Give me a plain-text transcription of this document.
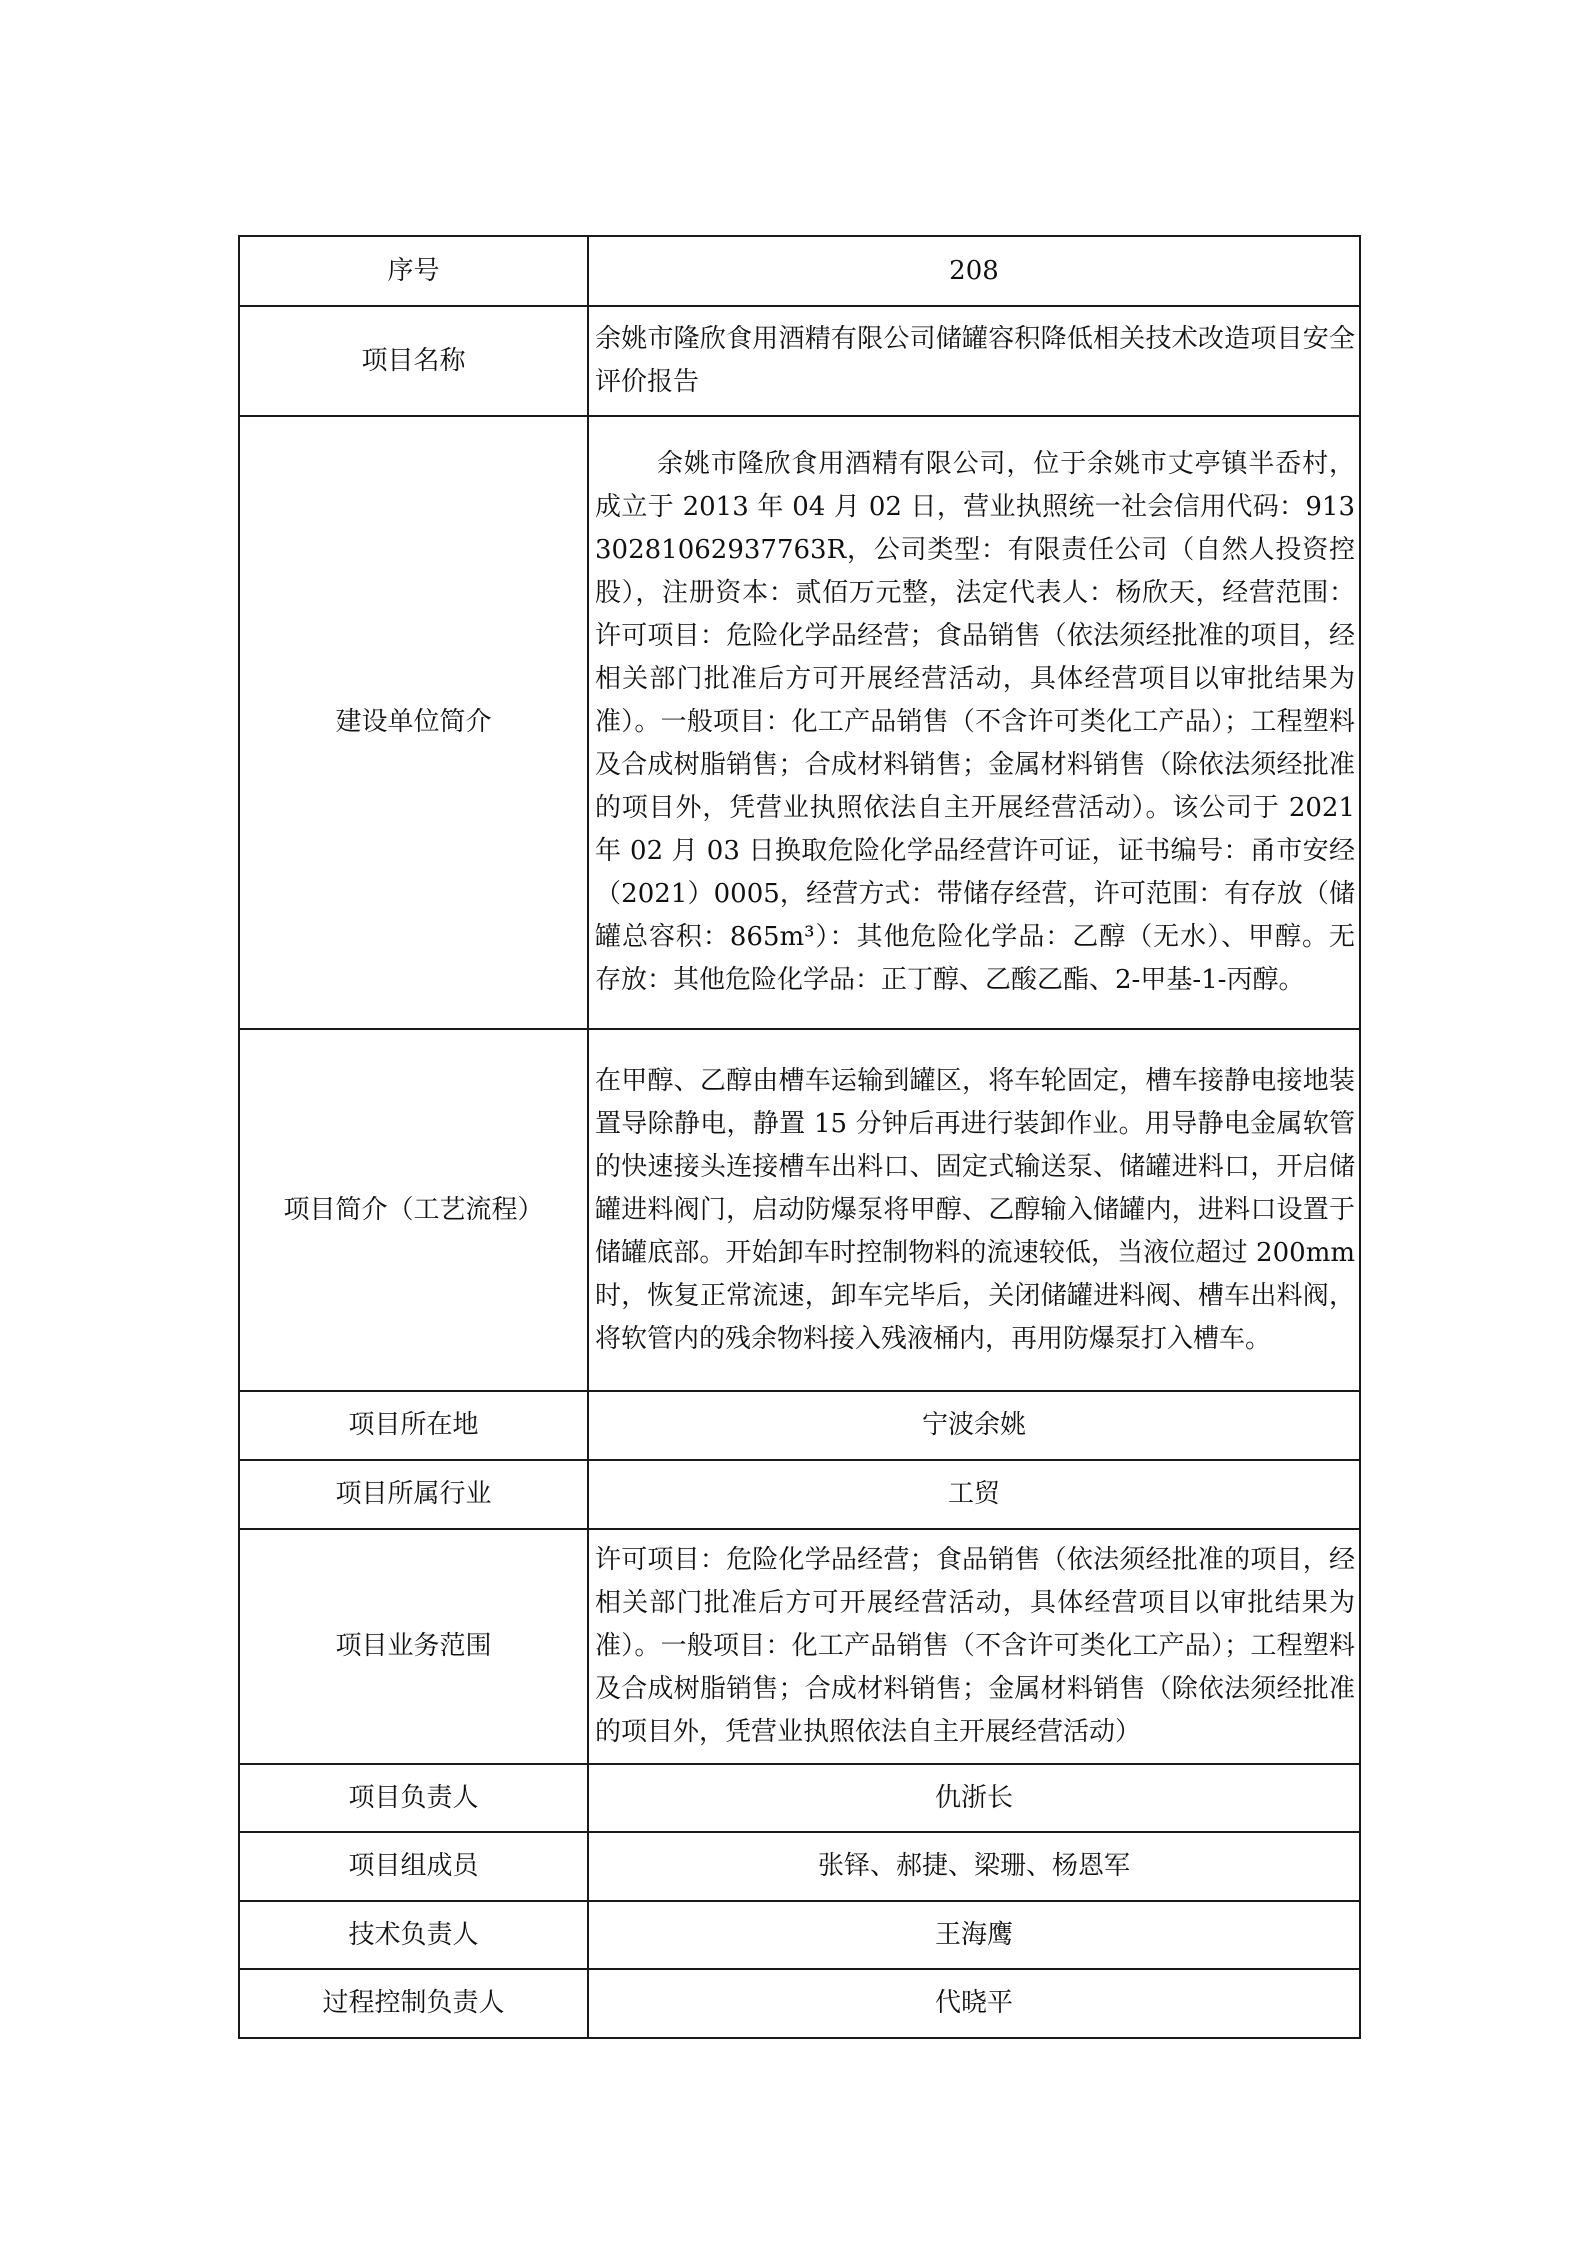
序号	208
项目名称	余姚市隆欣食用酒精有限公司储罐容积降低相关技术改造项目安全评价报告
建设单位简介	余姚市隆欣食用酒精有限公司，位于余姚市丈亭镇半岙村，成立于 2013 年 04 月 02 日，营业执照统一社会信用代码：91330281062937763R，公司类型：有限责任公司（自然人投资控股），注册资本：贰佰万元整，法定代表人：杨欣天，经营范围：许可项目：危险化学品经营；食品销售（依法须经批准的项目，经相关部门批准后方可开展经营活动，具体经营项目以审批结果为准）。一般项目：化工产品销售（不含许可类化工产品）；工程塑料及合成树脂销售；合成材料销售；金属材料销售（除依法须经批准的项目外，凭营业执照依法自主开展经营活动）。该公司于 2021 年 02 月 03 日换取危险化学品经营许可证，证书编号：甬市安经（2021）0005，经营方式：带储存经营，许可范围：有存放（储罐总容积：865m³）：其他危险化学品：乙醇（无水）、甲醇。无存放：其他危险化学品：正丁醇、乙酸乙酯、2-甲基-1-丙醇。

项目简介（工艺流程）	在甲醇、乙醇由槽车运输到罐区，将车轮固定，槽车接静电接地装置导除静电，静置 15 分钟后再进行装卸作业。用导静电金属软管的快速接头连接槽车出料口、固定式输送泵、储罐进料口，开启储罐进料阀门，启动防爆泵将甲醇、乙醇输入储罐内，进料口设置于储罐底部。开始卸车时控制物料的流速较低，当液位超过 200mm 时，恢复正常流速，卸车完毕后，关闭储罐进料阀、槽车出料阀，将软管内的残余物料接入残液桶内，再用防爆泵打入槽车。
项目所在地	宁波余姚
项目所属行业	工贸
项目业务范围	许可项目：危险化学品经营；食品销售（依法须经批准的项目，经相关部门批准后方可开展经营活动，具体经营项目以审批结果为准）。一般项目：化工产品销售（不含许可类化工产品）；工程塑料及合成树脂销售；合成材料销售；金属材料销售（除依法须经批准的项目外，凭营业执照依法自主开展经营活动）
项目负责人	仇浙长
项目组成员	张铎、郝捷、梁珊、杨恩军
技术负责人	王海鹰
过程控制负责人	代晓平
